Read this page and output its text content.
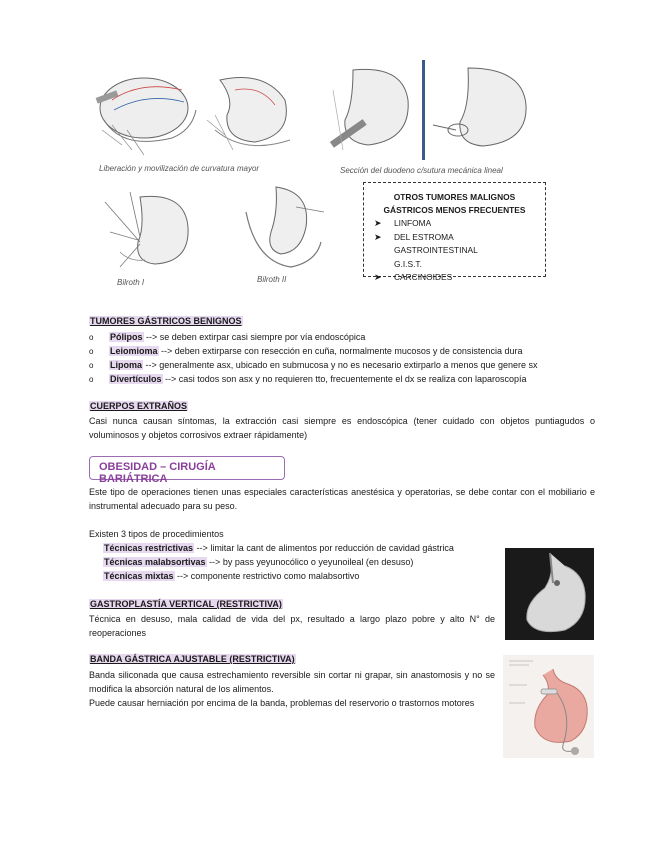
Liberación y movilización de curvatura mayor	Sección del duodeno c/sutura mecánica lineal
Bilroth I	Bilroth II
OTROS TUMORES MALIGNOS
GÁSTRICOS MENOS FRECUENTES
➤ LINFOMA
➤ DEL ESTROMA GASTROINTESTINAL
G.I.S.T.
➤ CARCINOIDES
TUMORES GÁSTRICOS BENIGNOS
o Pólipos --> se deben extirpar casi siempre por vía endoscópica
o Leiomioma --> deben extirparse con resección en cuña, normalmente mucosos y de consistencia dura
o Lipoma --> generalmente asx, ubicado en submucosa y no es necesario extirparlo a menos que genere sx
o Divertículos --> casi todos son asx y no requieren tto, frecuentemente el dx se realiza con laparoscopía
CUERPOS EXTRAÑOS
Casi nunca causan síntomas, la extracción casi siempre es endoscópica (tener cuidado con objetos puntiagudos o voluminosos y objetos corrosivos extraer rápidamente)
OBESIDAD – CIRUGÍA BARIÁTRICA
Este tipo de operaciones tienen unas especiales características anestésica y operatorias, se debe contar con el mobiliario e instrumental adecuado para su peso.
Existen 3 tipos de procedimientos
Técnicas restrictivas --> limitar la cant de alimentos por reducción de cavidad gástrica
Técnicas malabsortivas --> by pass yeyunocólico o yeyunoileal (en desuso)
Técnicas mixtas --> componente restrictivo como malabsortivo
GASTROPLASTÍA VERTICAL (RESTRICTIVA)
Técnica en desuso, mala calidad de vida del px, resultado a largo plazo pobre y alto N° de reoperaciones
BANDA GÁSTRICA AJUSTABLE (RESTRICTIVA)
Banda siliconada que causa estrechamiento reversible sin cortar ni grapar, sin anastomosis y no se modifica la absorción natural de los alimentos.
Puede causar herniación por encima de la banda, problemas del reservorio o trastornos motores
